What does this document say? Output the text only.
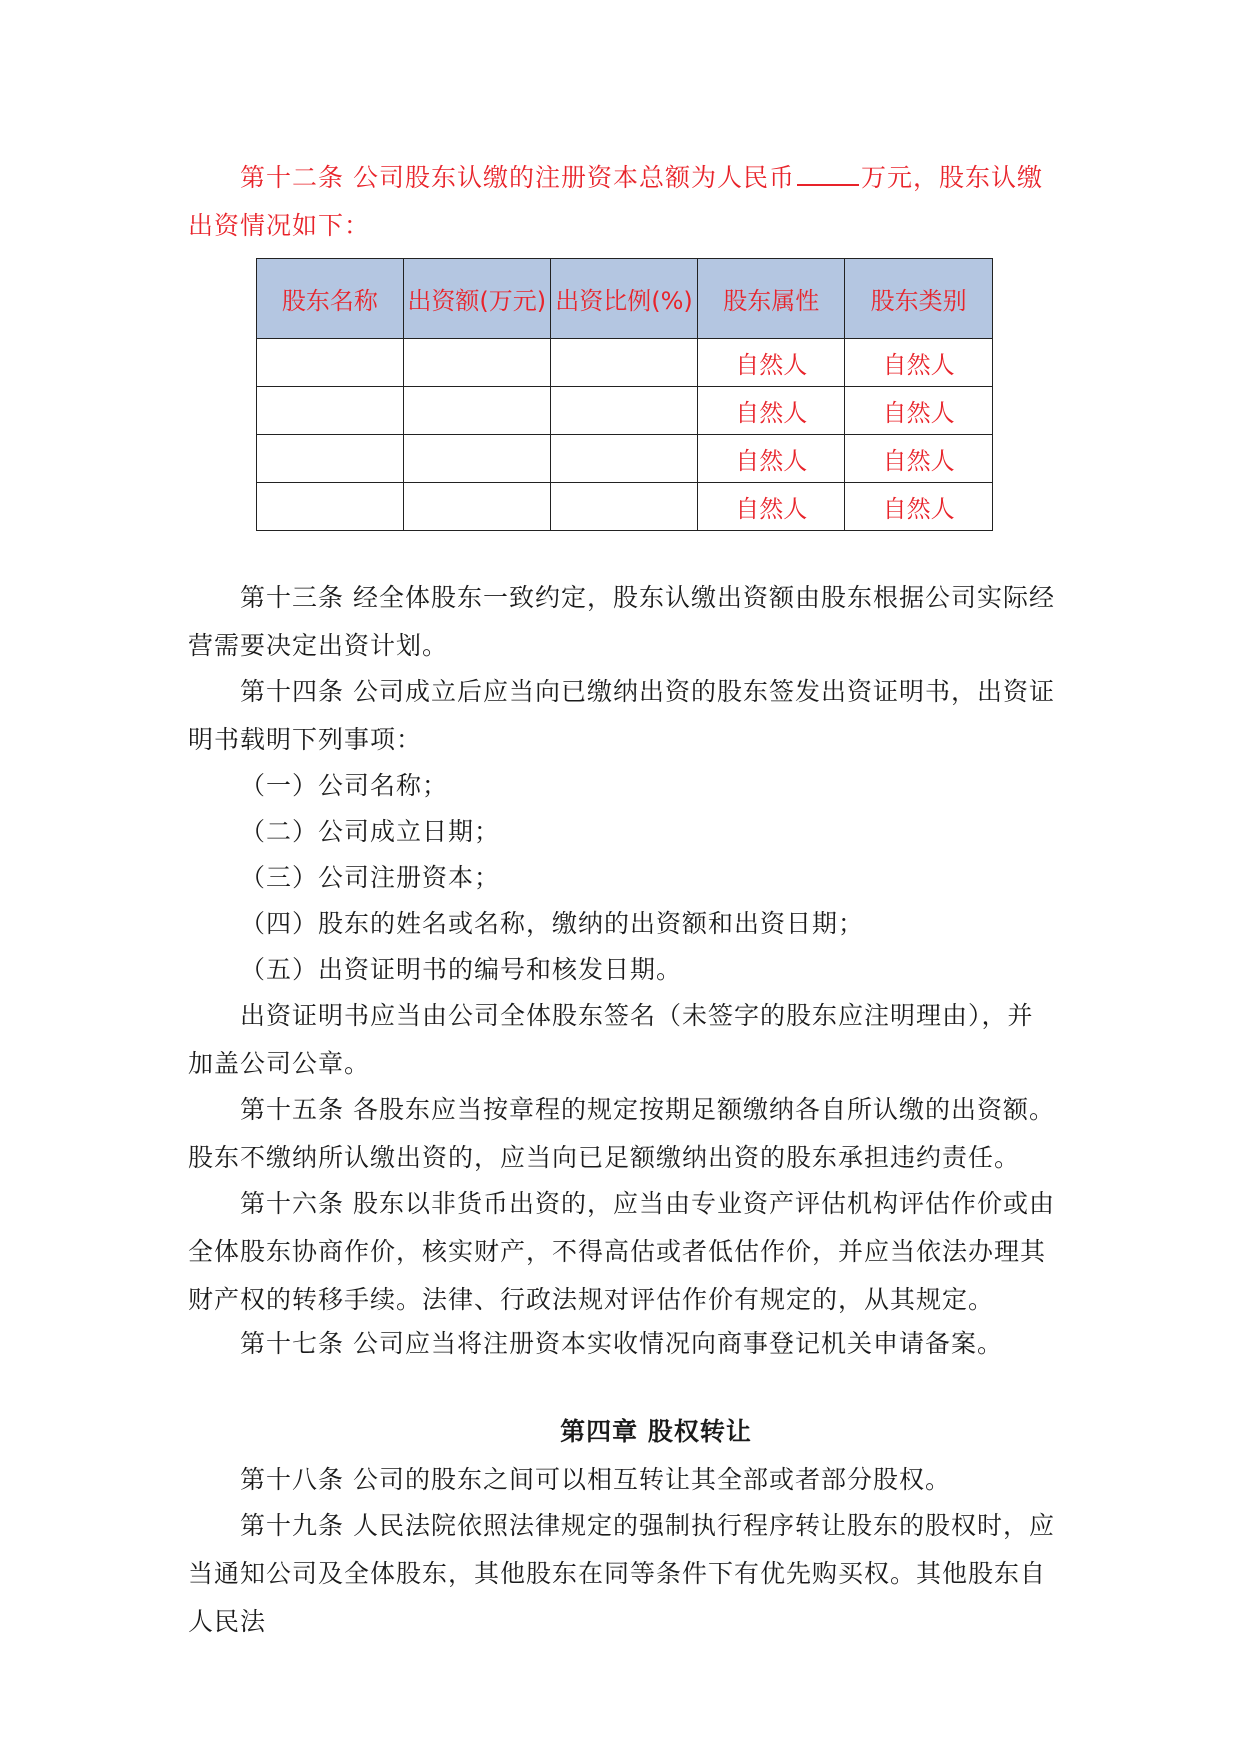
第十二条 公司股东认缴的注册资本总额为人民币	万元，股东认缴出资情况如下：

股东名称	出资额(万元)	出资比例(%)	股东属性	股东类别
			自然人	自然人
			自然人	自然人
			自然人	自然人
			自然人	自然人

第十三条 经全体股东一致约定，股东认缴出资额由股东根据公司实际经营需要决定出资计划。

第十四条 公司成立后应当向已缴纳出资的股东签发出资证明书，出资证明书载明下列事项：

（一）公司名称；

（二）公司成立日期；

（三）公司注册资本；

（四）股东的姓名或名称，缴纳的出资额和出资日期；

（五）出资证明书的编号和核发日期。

出资证明书应当由公司全体股东签名（未签字的股东应注明理由），并加盖公司公章。

第十五条 各股东应当按章程的规定按期足额缴纳各自所认缴的出资额。股东不缴纳所认缴出资的，应当向已足额缴纳出资的股东承担违约责任。

第十六条 股东以非货币出资的，应当由专业资产评估机构评估作价或由全体股东协商作价，核实财产，不得高估或者低估作价，并应当依法办理其财产权的转移手续。法律、行政法规对评估作价有规定的，从其规定。

第十七条 公司应当将注册资本实收情况向商事登记机关申请备案。

第四章 股权转让

第十八条 公司的股东之间可以相互转让其全部或者部分股权。

第十九条 人民法院依照法律规定的强制执行程序转让股东的股权时，应当通知公司及全体股东，其他股东在同等条件下有优先购买权。其他股东自人民法
